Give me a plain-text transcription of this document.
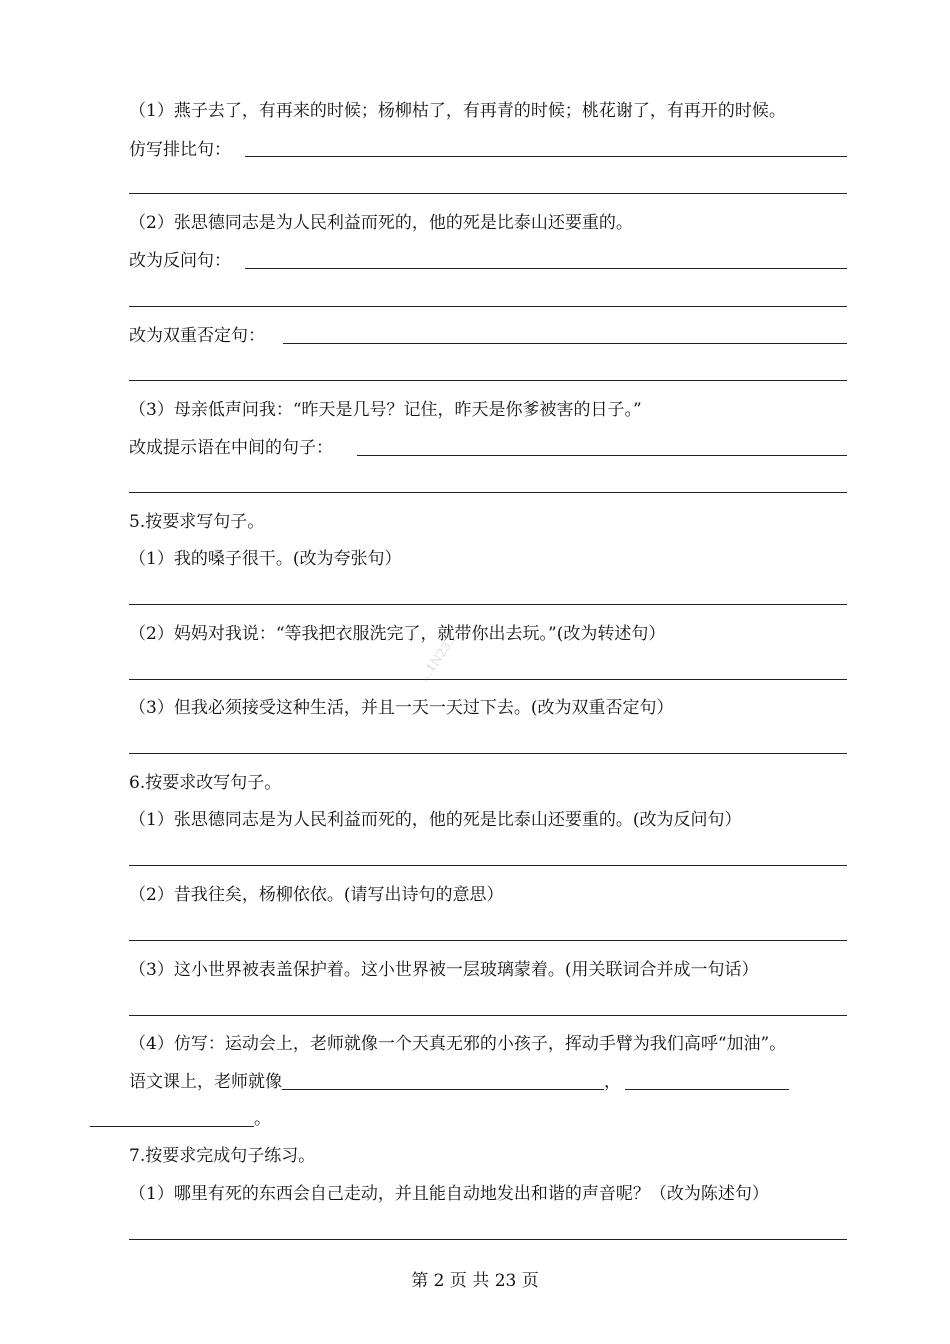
（1）燕子去了，有再来的时候；杨柳枯了，有再青的时候；桃花谢了，有再开的时候。
仿写排比句：
（2）张思德同志是为人民利益而死的，他的死是比泰山还要重的。
改为反问句：
改为双重否定句：
（3）母亲低声问我：“昨天是几号？记住，昨天是你爹被害的日子。”
改成提示语在中间的句子：
5.按要求写句子。
（1）我的嗓子很干。(改为夸张句）
（2）妈妈对我说：“等我把衣服洗完了，就带你出去玩。”(改为转述句）
（3）但我必须接受这种生活，并且一天一天过下去。(改为双重否定句）
…1N23…
6.按要求改写句子。
（1）张思德同志是为人民利益而死的，他的死是比泰山还要重的。(改为反问句）
（2）昔我往矣，杨柳依依。(请写出诗句的意思）
（3）这小世界被表盖保护着。这小世界被一层玻璃蒙着。(用关联词合并成一句话）
（4）仿写：运动会上，老师就像一个天真无邪的小孩子，挥动手臂为我们高呼“加油”。
语文课上，老师就像	，
。
7.按要求完成句子练习。
（1）哪里有死的东西会自己走动，并且能自动地发出和谐的声音呢？（改为陈述句）
第 2 页 共 23 页
